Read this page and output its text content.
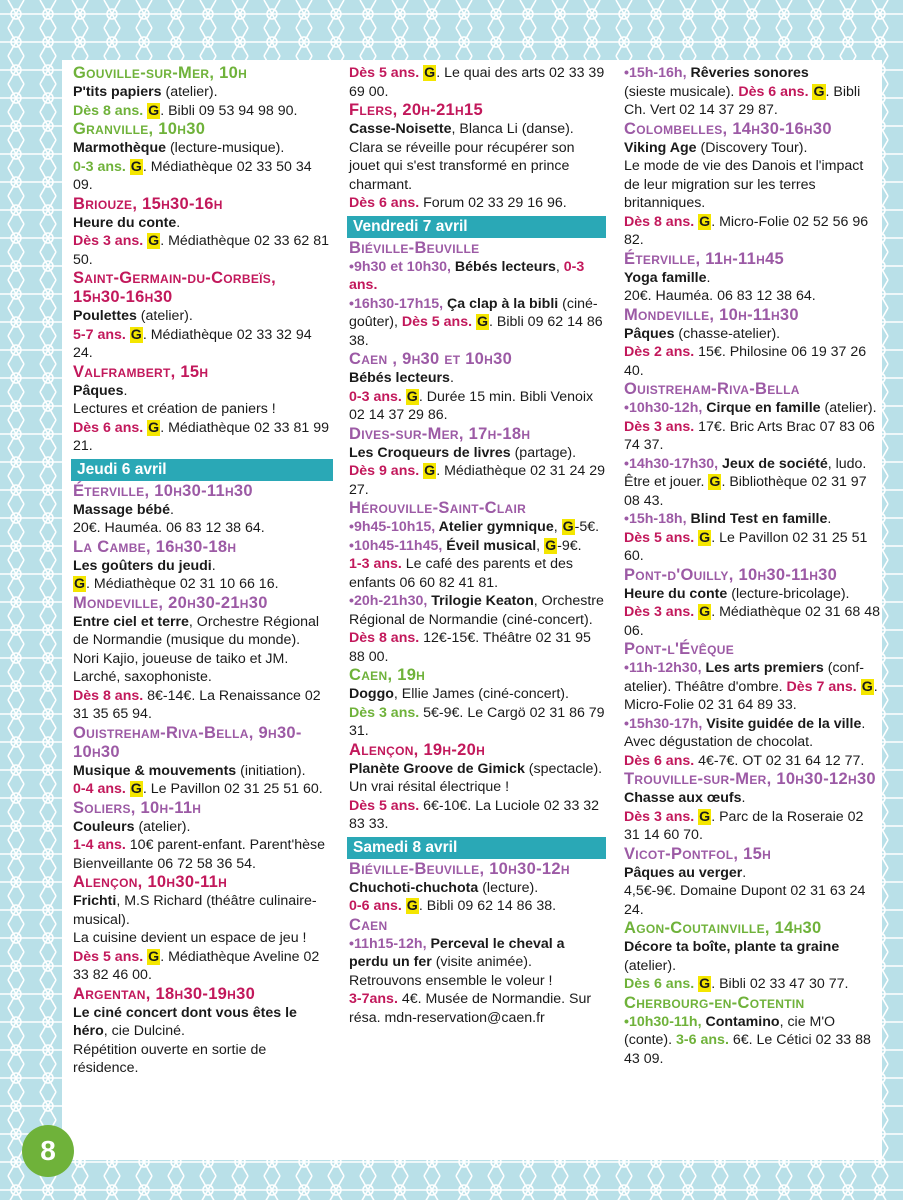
Gouville-sur-Mer, 10h
P'tits papiers (atelier).
Dès 8 ans. G. Bibli 09 53 94 98 90.
Granville, 10h30
Marmothèque (lecture-musique).
0-3 ans. G. Médiathèque 02 33 50 34 09.
Briouze, 15h30-16h
Heure du conte.
Dès 3 ans. G. Médiathèque 02 33 62 81 50.
Saint-Germain-du-Corbeïs, 15h30-16h30
Poulettes (atelier).
5-7 ans. G. Médiathèque 02 33 32 94 24.
Valframbert, 15h
Pâques.
Lectures et création de paniers !
Dès 6 ans. G. Médiathèque 02 33 81 99 21.
Jeudi 6 avril
Éterville, 10h30-11h30
Massage bébé.
20€. Hauméa. 06 83 12 38 64.
La Cambe, 16h30-18h
Les goûters du jeudi.
G. Médiathèque 02 31 10 66 16.
Mondeville, 20h30-21h30
Entre ciel et terre, Orchestre Régional de Normandie (musique du monde).
Nori Kajio, joueuse de taiko et JM. Larché, saxophoniste.
Dès 8 ans. 8€-14€. La Renaissance 02 31 35 65 94.
Ouistreham-Riva-Bella, 9h30-10h30
Musique & mouvements (initiation).
0-4 ans. G. Le Pavillon 02 31 25 51 60.
Soliers, 10h-11h
Couleurs (atelier).
1-4 ans. 10€ parent-enfant. Parent'hèse Bienveillante 06 72 58 36 54.
Alençon, 10h30-11h
Frichti, M.S Richard (théâtre culinaire-musical).
La cuisine devient un espace de jeu !
Dès 5 ans. G. Médiathèque Aveline 02 33 82 46 00.
Argentan, 18h30-19h30
Le ciné concert dont vous êtes le héro, cie Dulciné.
Répétition ouverte en sortie de résidence.
Dès 5 ans. G. Le quai des arts 02 33 39 69 00.
Flers, 20h-21h15
Casse-Noisette, Blanca Li (danse).
Clara se réveille pour récupérer son jouet qui s'est transformé en prince charmant.
Dès 6 ans. Forum 02 33 29 16 96.
Vendredi 7 avril
Biéville-Beuville
•9h30 et 10h30, Bébés lecteurs, 0-3 ans.
•16h30-17h15, Ça clap à la bibli (ciné-goûter), Dès 5 ans. G. Bibli 09 62 14 86 38.
Caen , 9h30 et 10h30
Bébés lecteurs.
0-3 ans. G. Durée 15 min. Bibli Venoix 02 14 37 29 86.
Dives-sur-Mer, 17h-18h
Les Croqueurs de livres (partage).
Dès 9 ans. G. Médiathèque 02 31 24 29 27.
Hérouville-Saint-Clair
•9h45-10h15, Atelier gymnique, G-5€.
•10h45-11h45, Éveil musical, G-9€.
1-3 ans. Le café des parents et des enfants 06 60 82 41 81.
•20h-21h30, Trilogie Keaton, Orchestre Régional de Normandie (ciné-concert). Dès 8 ans. 12€-15€. Théâtre 02 31 95 88 00.
Caen, 19h
Doggo, Ellie James (ciné-concert).
Dès 3 ans. 5€-9€. Le Cargö 02 31 86 79 31.
Alençon, 19h-20h
Planète Groove de Gimick (spectacle).
Un vrai résital électrique !
Dès 5 ans. 6€-10€. La Luciole 02 33 32 83 33.
Samedi 8 avril
Biéville-Beuville, 10h30-12h
Chuchoti-chuchota (lecture).
0-6 ans. G. Bibli 09 62 14 86 38.
Caen
•11h15-12h, Perceval le cheval a perdu un fer (visite animée).
Retrouvons ensemble le voleur !
3-7ans. 4€. Musée de Normandie. Sur résa. mdn-reservation@caen.fr
•15h-16h, Rêveries sonores
(sieste musicale). Dès 6 ans. G. Bibli Ch. Vert 02 14 37 29 87.
Colombelles, 14h30-16h30
Viking Age (Discovery Tour).
Le mode de vie des Danois et l'impact de leur migration sur les terres britanniques.
Dès 8 ans. G. Micro-Folie 02 52 56 96 82.
Éterville, 11h-11h45
Yoga famille.
20€. Hauméa. 06 83 12 38 64.
Mondeville, 10h-11h30
Pâques (chasse-atelier).
Dès 2 ans. 15€. Philosine 06 19 37 26 40.
Ouistreham-Riva-Bella
•10h30-12h, Cirque en famille (atelier). Dès 3 ans. 17€. Bric Arts Brac 07 83 06 74 37.
•14h30-17h30, Jeux de société, ludo. Être et jouer. G. Bibliothèque 02 31 97 08 43.
•15h-18h, Blind Test en famille.
Dès 5 ans. G. Le Pavillon 02 31 25 51 60.
Pont-d'Ouilly, 10h30-11h30
Heure du conte (lecture-bricolage).
Dès 3 ans. G. Médiathèque 02 31 68 48 06.
Pont-l'Évêque
•11h-12h30, Les arts premiers (conf-atelier). Théâtre d'ombre. Dès 7 ans. G. Micro-Folie 02 31 64 89 33.
•15h30-17h, Visite guidée de la ville. Avec dégustation de chocolat.
Dès 6 ans. 4€-7€. OT 02 31 64 12 77.
Trouville-sur-Mer, 10h30-12h30
Chasse aux œufs.
Dès 3 ans. G. Parc de la Roseraie 02 31 14 60 70.
Vicot-Pontfol, 15h
Pâques au verger.
4,5€-9€. Domaine Dupont 02 31 63 24 24.
Agon-Coutainville, 14h30
Décore ta boîte, plante ta graine (atelier).
Dès 6 ans. G. Bibli 02 33 47 30 77.
Cherbourg-en-Cotentin
•10h30-11h, Contamino, cie M'O (conte). 3-6 ans. 6€. Le Cétici 02 33 88 43 09.
8
